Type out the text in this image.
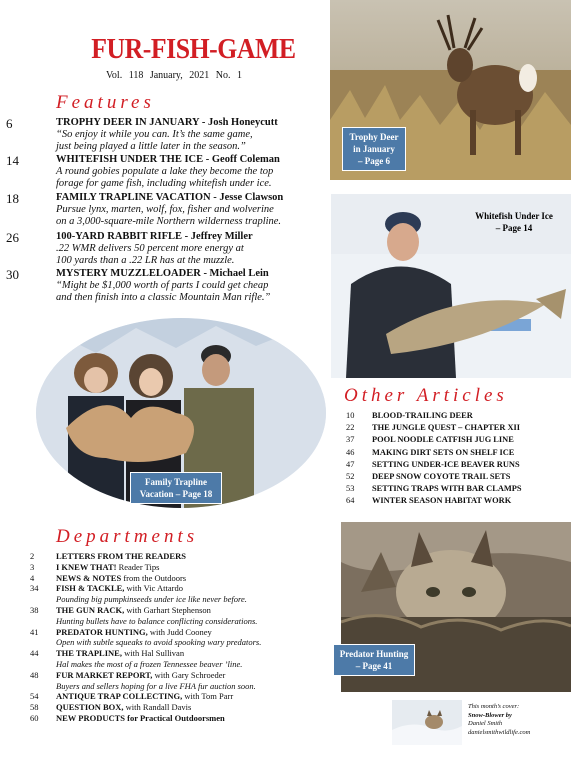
FUR-FISH-GAME
Vol. 118 January, 2021 No. 1
Features
6	TROPHY DEER IN JANUARY - Josh Honeycutt
“So enjoy it while you can. It’s the same game,
just being played a little later in the season.”
14	WHITEFISH UNDER THE ICE - Geoff Coleman
A round gobies populate a lake they become the top
forage for game fish, including whitefish under ice.
18	FAMILY TRAPLINE VACATION - Jesse Clawson
Pursue lynx, marten, wolf, fox, fisher and wolverine
on a 3,000-square-mile Northern wilderness trapline.
26	100-YARD RABBIT RIFLE - Jeffrey Miller
.22 WMR delivers 50 percent more energy at
100 yards than a .22 LR has at the muzzle.
30	MYSTERY MUZZLELOADER - Michael Lein
“Might be $1,000 worth of parts I could get cheap
and then finish into a classic Mountain Man rifle.”
Trophy Deer
in January
– Page 6
Whitefish Under Ice
– Page 14
Family Trapline
Vacation – Page 18
Other Articles
10	BLOOD-TRAILING DEER
22	THE JUNGLE QUEST – CHAPTER XII
37	POOL NOODLE CATFISH JUG LINE
46	MAKING DIRT SETS ON SHELF ICE
47	SETTING UNDER-ICE BEAVER RUNS
52	DEEP SNOW COYOTE TRAIL SETS
53	SETTING TRAPS WITH BAR CLAMPS
64	WINTER SEASON HABITAT WORK
Predator Hunting
– Page 41
Departments
2	LETTERS FROM THE READERS
3	I KNEW THAT! Reader Tips
4	NEWS & NOTES from the Outdoors
34	FISH & TACKLE, with Vic Attardo
Pounding big pumpkinseeds under ice like never before.
38	THE GUN RACK, with Garhart Stephenson
Hunting bullets have to balance conflicting considerations.
41	PREDATOR HUNTING, with Judd Cooney
Open with subtle squeaks to avoid spooking wary predators.
44	THE TRAPLINE, with Hal Sullivan
Hal makes the most of a frozen Tennessee beaver ’line.
48	FUR MARKET REPORT, with Gary Schroeder
Buyers and sellers hoping for a live FHA fur auction soon.
54	ANTIQUE TRAP COLLECTING, with Tom Parr
58	QUESTION BOX, with Randall Davis
60	NEW PRODUCTS for Practical Outdoorsmen
This month’s cover:
Snow-Blower by
Daniel Smith
danielsmithwildlife.com
